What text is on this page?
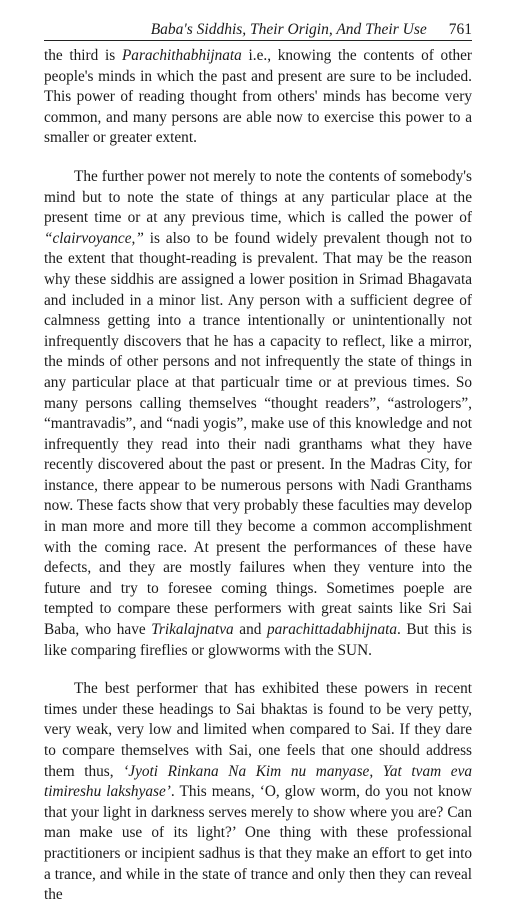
Baba's Siddhis, Their Origin, And Their Use	761

the third is Parachithabhijnata i.e., knowing the contents of other people's minds in which the past and present are sure to be included. This power of reading thought from others' minds has become very common, and many persons are able now to exercise this power to a smaller or greater extent.

The further power not merely to note the contents of somebody's mind but to note the state of things at any particular place at the present time or at any previous time, which is called the power of “clairvoyance,” is also to be found widely prevalent though not to the extent that thought-reading is prevalent. That may be the reason why these siddhis are assigned a lower position in Srimad Bhagavata and included in a minor list. Any person with a sufficient degree of calmness getting into a trance intentionally or unintentionally not infrequently discovers that he has a capacity to reflect, like a mirror, the minds of other persons and not infrequently the state of things in any particular place at that particualr time or at previous times. So many persons calling themselves “thought readers”, “astrologers”, “mantravadis”, and “nadi yogis”, make use of this knowledge and not infrequently they read into their nadi granthams what they have recently discovered about the past or present. In the Madras City, for instance, there appear to be numerous persons with Nadi Granthams now. These facts show that very probably these faculties may develop in man more and more till they become a common accomplishment with the coming race. At present the performances of these have defects, and they are mostly failures when they venture into the future and try to foresee coming things. Sometimes poeple are tempted to compare these performers with great saints like Sri Sai Baba, who have Trikalajnatva and parachittadabhijnata. But this is like comparing fireflies or glowworms with the SUN.

The best performer that has exhibited these powers in recent times under these headings to Sai bhaktas is found to be very petty, very weak, very low and limited when compared to Sai. If they dare to compare themselves with Sai, one feels that one should address them thus, ‘Jyoti Rinkana Na Kim nu manyase, Yat tvam eva timireshu lakshyase’. This means, ‘O, glow worm, do you not know that your light in darkness serves merely to show where you are? Can man make use of its light?’ One thing with these professional practitioners or incipient sadhus is that they make an effort to get into a trance, and while in the state of trance and only then they can reveal the
